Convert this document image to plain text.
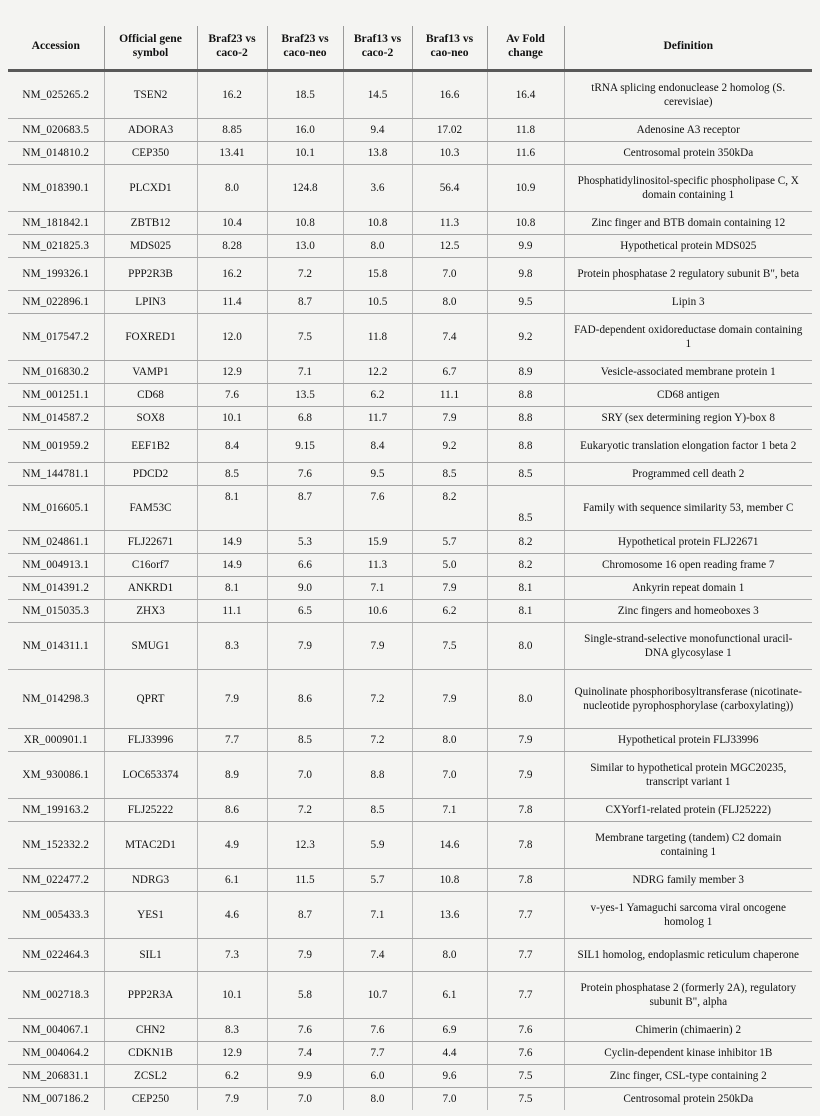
Accession	Official gene symbol	Braf23 vs caco-2	Braf23 vs caco-neo	Braf13 vs caco-2	Braf13 vs cao-neo	Av Fold change	Definition
NM_025265.2	TSEN2	16.2	18.5	14.5	16.6	16.4	tRNA splicing endonuclease 2 homolog (S. cerevisiae)
NM_020683.5	ADORA3	8.85	16.0	9.4	17.02	11.8	Adenosine A3 receptor
NM_014810.2	CEP350	13.41	10.1	13.8	10.3	11.6	Centrosomal protein 350kDa
NM_018390.1	PLCXD1	8.0	124.8	3.6	56.4	10.9	Phosphatidylinositol-specific phospholipase C, X domain containing 1
NM_181842.1	ZBTB12	10.4	10.8	10.8	11.3	10.8	Zinc finger and BTB domain containing 12
NM_021825.3	MDS025	8.28	13.0	8.0	12.5	9.9	Hypothetical protein MDS025
NM_199326.1	PPP2R3B	16.2	7.2	15.8	7.0	9.8	Protein phosphatase 2 regulatory subunit B", beta
NM_022896.1	LPIN3	11.4	8.7	10.5	8.0	9.5	Lipin 3
NM_017547.2	FOXRED1	12.0	7.5	11.8	7.4	9.2	FAD-dependent oxidoreductase domain containing 1
NM_016830.2	VAMP1	12.9	7.1	12.2	6.7	8.9	Vesicle-associated membrane protein 1
NM_001251.1	CD68	7.6	13.5	6.2	11.1	8.8	CD68 antigen
NM_014587.2	SOX8	10.1	6.8	11.7	7.9	8.8	SRY (sex determining region Y)-box 8
NM_001959.2	EEF1B2	8.4	9.15	8.4	9.2	8.8	Eukaryotic translation elongation factor 1 beta 2
NM_144781.1	PDCD2	8.5	7.6	9.5	8.5	8.5	Programmed cell death 2
NM_016605.1	FAM53C	8.1	8.7	7.6	8.2	8.5	Family with sequence similarity 53, member C
NM_024861.1	FLJ22671	14.9	5.3	15.9	5.7	8.2	Hypothetical protein FLJ22671
NM_004913.1	C16orf7	14.9	6.6	11.3	5.0	8.2	Chromosome 16 open reading frame 7
NM_014391.2	ANKRD1	8.1	9.0	7.1	7.9	8.1	Ankyrin repeat domain 1
NM_015035.3	ZHX3	11.1	6.5	10.6	6.2	8.1	Zinc fingers and homeoboxes 3
NM_014311.1	SMUG1	8.3	7.9	7.9	7.5	8.0	Single-strand-selective monofunctional uracil-DNA glycosylase 1
NM_014298.3	QPRT	7.9	8.6	7.2	7.9	8.0	Quinolinate phosphoribosyltransferase (nicotinate-nucleotide pyrophosphorylase (carboxylating))
XR_000901.1	FLJ33996	7.7	8.5	7.2	8.0	7.9	Hypothetical protein FLJ33996
XM_930086.1	LOC653374	8.9	7.0	8.8	7.0	7.9	Similar to hypothetical protein MGC20235, transcript variant 1
NM_199163.2	FLJ25222	8.6	7.2	8.5	7.1	7.8	CXYorf1-related protein (FLJ25222)
NM_152332.2	MTAC2D1	4.9	12.3	5.9	14.6	7.8	Membrane targeting (tandem) C2 domain containing 1
NM_022477.2	NDRG3	6.1	11.5	5.7	10.8	7.8	NDRG family member 3
NM_005433.3	YES1	4.6	8.7	7.1	13.6	7.7	v-yes-1 Yamaguchi sarcoma viral oncogene homolog 1
NM_022464.3	SIL1	7.3	7.9	7.4	8.0	7.7	SIL1 homolog, endoplasmic reticulum chaperone
NM_002718.3	PPP2R3A	10.1	5.8	10.7	6.1	7.7	Protein phosphatase 2 (formerly 2A), regulatory subunit B", alpha
NM_004067.1	CHN2	8.3	7.6	7.6	6.9	7.6	Chimerin (chimaerin) 2
NM_004064.2	CDKN1B	12.9	7.4	7.7	4.4	7.6	Cyclin-dependent kinase inhibitor 1B
NM_206831.1	ZCSL2	6.2	9.9	6.0	9.6	7.5	Zinc finger, CSL-type containing 2
NM_007186.2	CEP250	7.9	7.0	8.0	7.0	7.5	Centrosomal protein 250kDa
